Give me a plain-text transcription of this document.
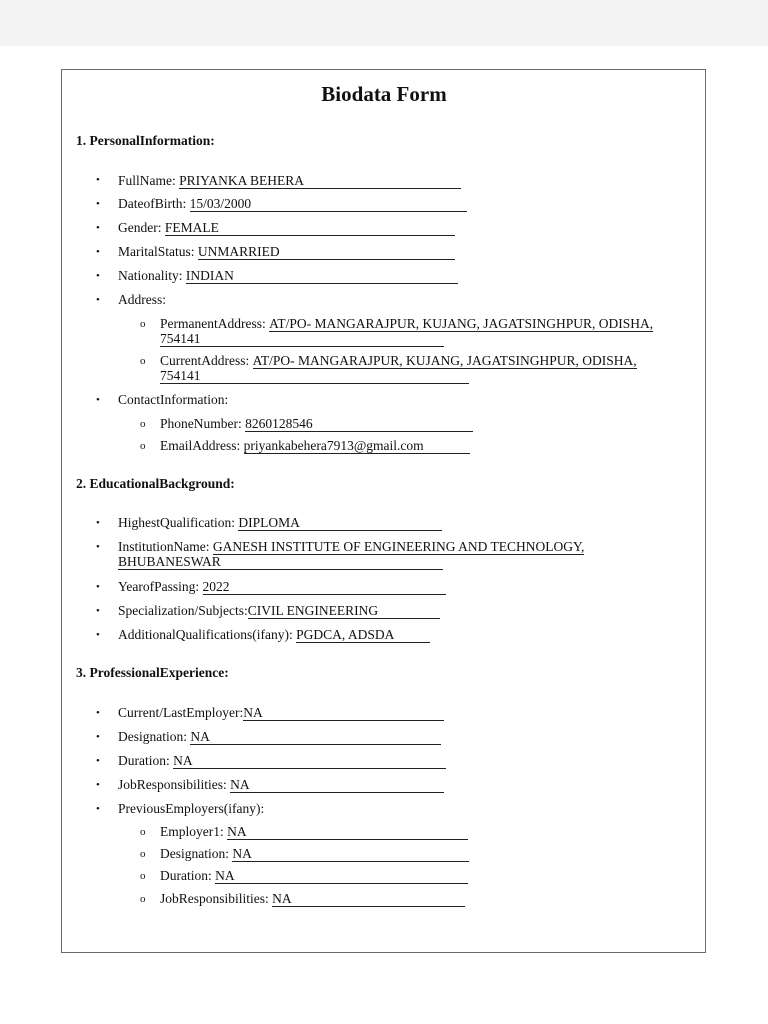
Biodata Form
1. PersonalInformation:
• FullName: PRIYANKA BEHERA
• DateofBirth: 15/03/2000
• Gender: FEMALE
• MaritalStatus: UNMARRIED
• Nationality: INDIAN
• Address:
o PermanentAddress: AT/PO- MANGARAJPUR, KUJANG, JAGATSINGHPUR, ODISHA,
754141
o CurrentAddress: AT/PO- MANGARAJPUR, KUJANG, JAGATSINGHPUR, ODISHA,
754141
• ContactInformation:
o PhoneNumber: 8260128546
o EmailAddress: priyankabehera7913@gmail.com
2. EducationalBackground:
• HighestQualification: DIPLOMA
• InstitutionName: GANESH INSTITUTE OF ENGINEERING AND TECHNOLOGY,
BHUBANESWAR
• YearofPassing: 2022
• Specialization/Subjects:CIVIL ENGINEERING
• AdditionalQualifications(ifany): PGDCA, ADSDA
3. ProfessionalExperience:
• Current/LastEmployer:NA
• Designation: NA
• Duration: NA
• JobResponsibilities: NA
• PreviousEmployers(ifany):
o Employer1: NA
o Designation: NA
o Duration: NA
o JobResponsibilities: NA
